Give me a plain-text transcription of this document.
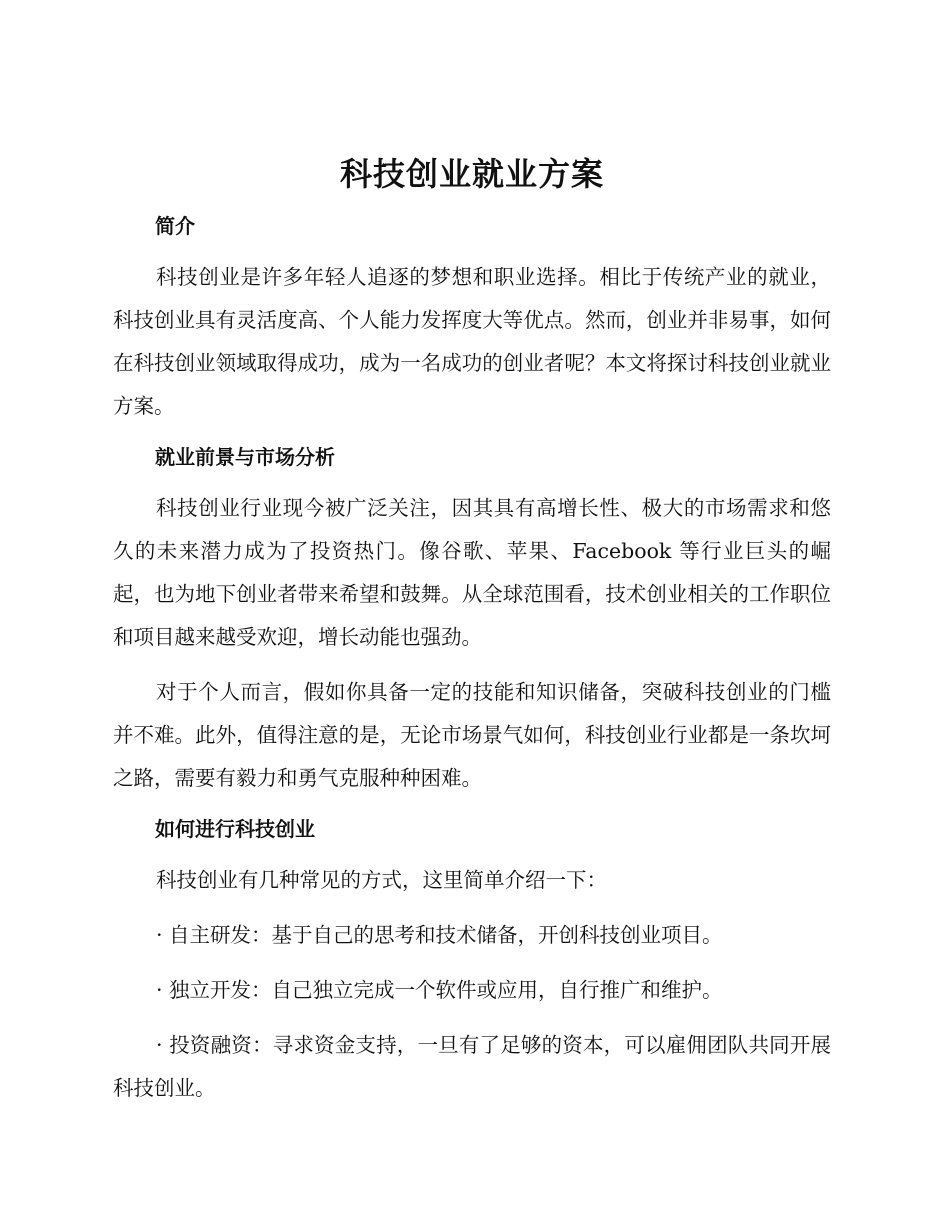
科技创业就业方案
简介

科技创业是许多年轻人追逐的梦想和职业选择。相比于传统产业的就业，科技创业具有灵活度高、个人能力发挥度大等优点。然而，创业并非易事，如何在科技创业领域取得成功，成为一名成功的创业者呢？本文将探讨科技创业就业方案。

就业前景与市场分析

科技创业行业现今被广泛关注，因其具有高增长性、极大的市场需求和悠久的未来潜力成为了投资热门。像谷歌、苹果、Facebook 等行业巨头的崛起，也为地下创业者带来希望和鼓舞。从全球范围看，技术创业相关的工作职位和项目越来越受欢迎，增长动能也强劲。

对于个人而言，假如你具备一定的技能和知识储备，突破科技创业的门槛并不难。此外，值得注意的是，无论市场景气如何，科技创业行业都是一条坎坷之路，需要有毅力和勇气克服种种困难。

如何进行科技创业

科技创业有几种常见的方式，这里简单介绍一下：

· 自主研发：基于自己的思考和技术储备，开创科技创业项目。

· 独立开发：自己独立完成一个软件或应用，自行推广和维护。

· 投资融资：寻求资金支持，一旦有了足够的资本，可以雇佣团队共同开展科技创业。
